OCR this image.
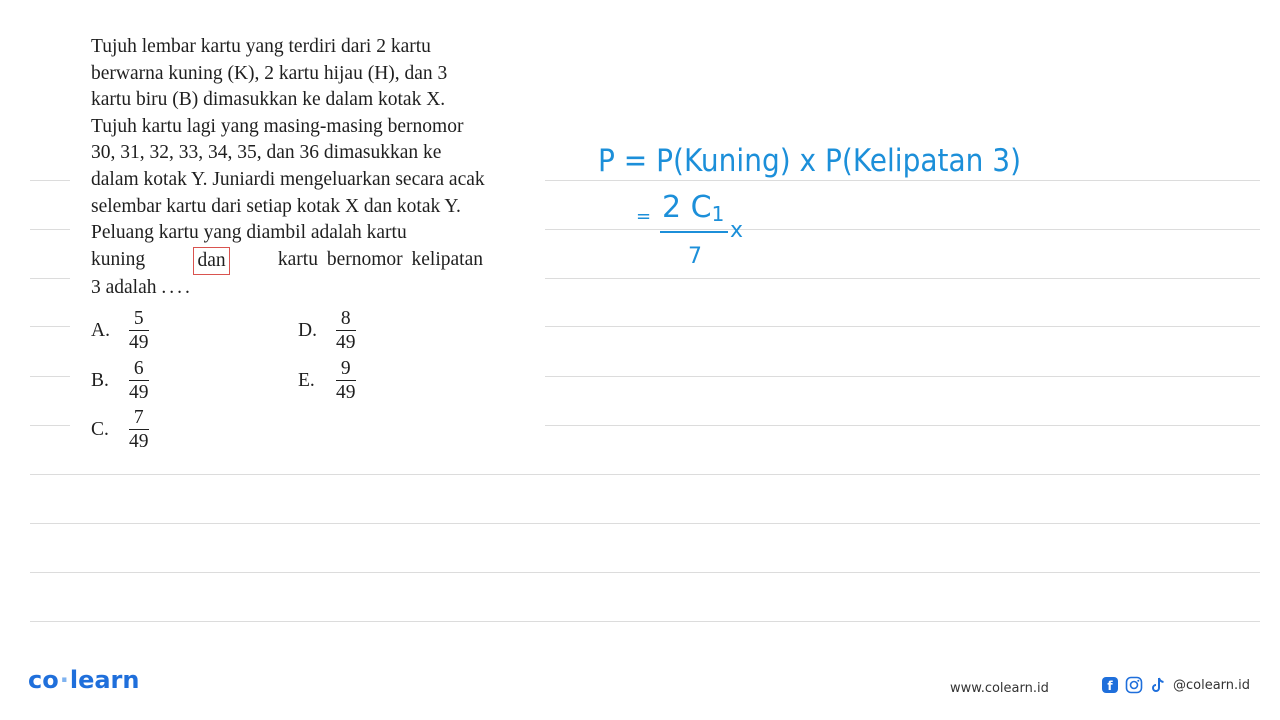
Tujuh lembar kartu yang terdiri dari 2 kartu

berwarna kuning (K), 2 kartu hijau (H), dan 3

kartu biru (B) dimasukkan ke dalam kotak X.

Tujuh kartu lagi yang masing-masing bernomor

30, 31, 32, 33, 34, 35, dan 36 dimasukkan ke

dalam kotak Y. Juniardi mengeluarkan secara acak

selembar kartu dari setiap kotak X dan kotak Y.

Peluang kartu yang diambil adalah kartu

kuning	dan	kartu bernomor kelipatan

3 adalah ....

A. $\frac{5}{49}$
B.	$\frac{6}{49}$
C.	$\frac{7}{49}$
D. $\frac{8}{49}$
E.	$\frac{9}{49}$
P = P(Kuning) x P(Kelipatan 3)
= 2 C1
7
x
co·learn	www.colearn.id	f	@colearn.id
